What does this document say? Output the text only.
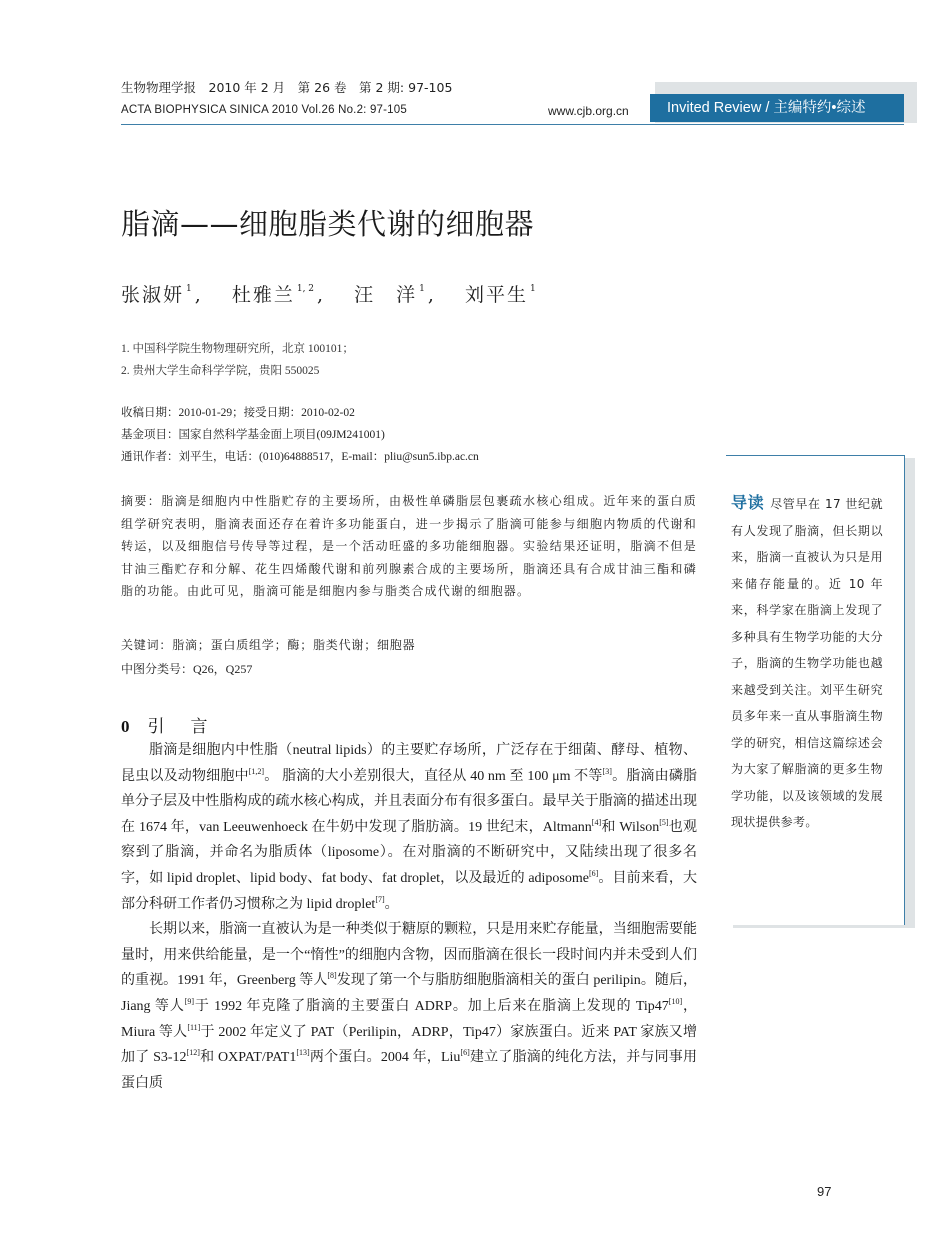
生物物理学报　2010 年 2 月　第 26 卷　第 2 期: 97-105
ACTA BIOPHYSICA SINICA 2010 Vol.26 No.2: 97-105	www.cjb.org.cn	Invited Review / 主编特约•综述
脂滴——细胞脂类代谢的细胞器
张淑妍 $^1$ ,　 杜雅兰 $^{1, 2}$ ,　 汪　洋 $^1$ ,　 刘平生 $^1$
1. 中国科学院生物物理研究所，北京 100101；
2. 贵州大学生命科学学院，贵阳 550025
收稿日期：2010-01-29；接受日期：2010-02-02
基金项目：国家自然科学基金面上项目(09JM241001)
通讯作者：刘平生，电话：(010)64888517，E-mail：pliu@sun5.ibp.ac.cn
导读 尽管早在 17 世纪就有人发现了脂滴，但长期以来，脂滴一直被认为只是用来储存能量的。近 10 年来，科学家在脂滴上发现了多种具有生物学功能的大分子，脂滴的生物学功能也越来越受到关注。刘平生研究员多年来一直从事脂滴生物学的研究，相信这篇综述会为大家了解脂滴的更多生物学功能，以及该领域的发展现状提供参考。
摘要：脂滴是细胞内中性脂贮存的主要场所，由极性单磷脂层包裹疏水核心组成。近年来的蛋白质组学研究表明，脂滴表面还存在着许多功能蛋白，进一步揭示了脂滴可能参与细胞内物质的代谢和转运，以及细胞信号传导等过程，是一个活动旺盛的多功能细胞器。实验结果还证明，脂滴不但是甘油三酯贮存和分解、花生四烯酸代谢和前列腺素合成的主要场所，脂滴还具有合成甘油三酯和磷脂的功能。由此可见，脂滴可能是细胞内参与脂类合成代谢的细胞器。
关键词：脂滴；蛋白质组学；酶；脂类代谢；细胞器
中图分类号：Q26，Q257
0 引言

脂滴是细胞内中性脂（neutral lipids）的主要贮存场所，广泛存在于细菌、酵母、植物、昆虫以及动物细胞中[1,2]。 脂滴的大小差别很大，直径从 40 nm 至 100 μm 不等[3]。脂滴由磷脂单分子层及中性脂构成的疏水核心构成，并且表面分布有很多蛋白。最早关于脂滴的描述出现在 1674 年，van Leeuwenhoeck 在牛奶中发现了脂肪滴。19 世纪末，Altmann[4]和 Wilson[5]也观察到了脂滴，并命名为脂质体（liposome）。在对脂滴的不断研究中，又陆续出现了很多名字，如 lipid droplet、lipid body、fat body、fat droplet，以及最近的 adiposome[6]。目前来看，大部分科研工作者仍习惯称之为 lipid droplet[7]。

长期以来，脂滴一直被认为是一种类似于糖原的颗粒，只是用来贮存能量，当细胞需要能量时，用来供给能量，是一个“惰性”的细胞内含物，因而脂滴在很长一段时间内并未受到人们的重视。1991 年，Greenberg 等人[8]发现了第一个与脂肪细胞脂滴相关的蛋白 perilipin。随后，Jiang 等人[9]于 1992 年克隆了脂滴的主要蛋白 ADRP。加上后来在脂滴上发现的 Tip47[10]，Miura 等人[11]于 2002 年定义了 PAT（Perilipin，ADRP，Tip47）家族蛋白。近来 PAT 家族又增加了 S3-12[12]和 OXPAT/PAT1[13]两个蛋白。2004 年，Liu[6]建立了脂滴的纯化方法，并与同事用蛋白质

97
